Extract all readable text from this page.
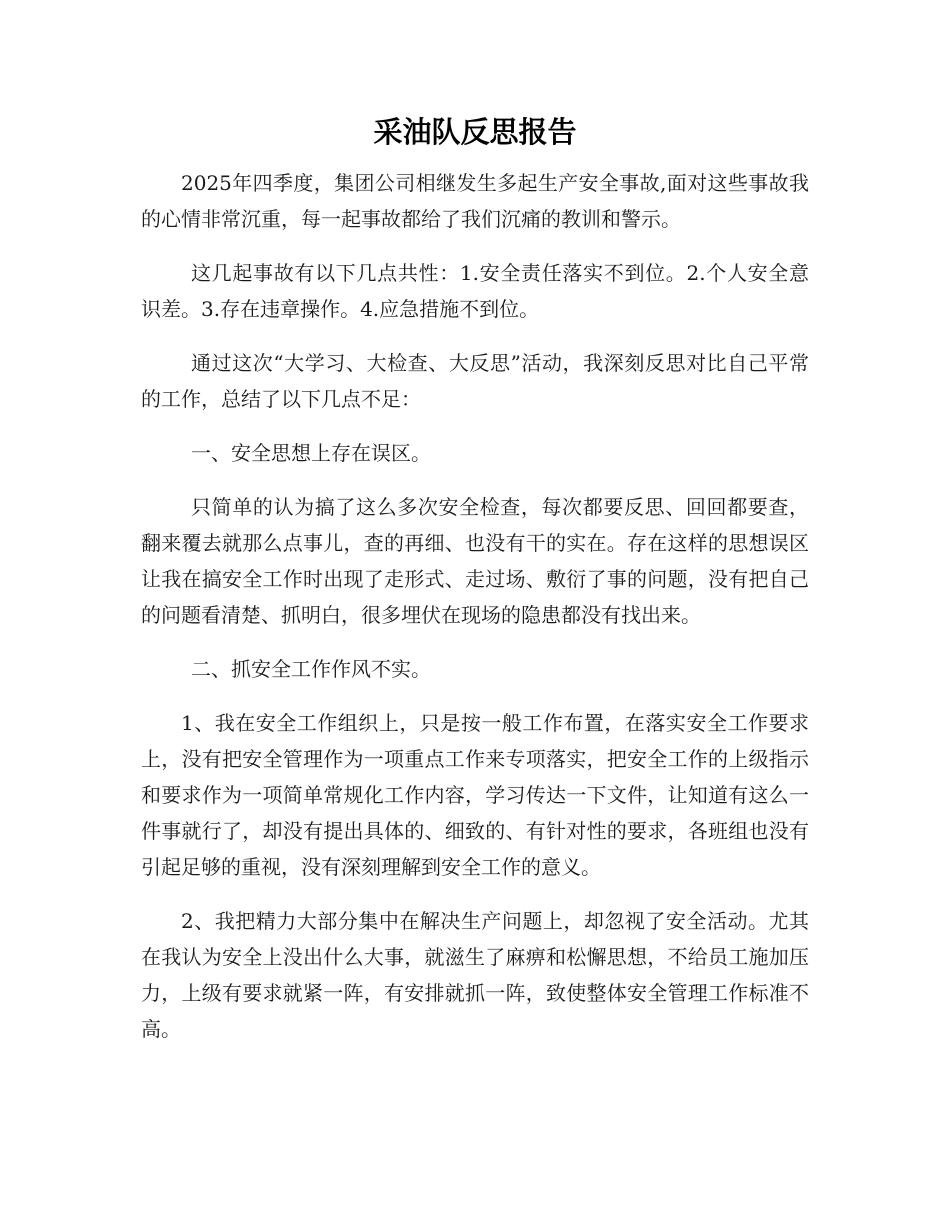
采油队反思报告

2025年四季度，集团公司相继发生多起生产安全事故,面对这些事故我的心情非常沉重，每一起事故都给了我们沉痛的教训和警示。

这几起事故有以下几点共性：1.安全责任落实不到位。2.个人安全意识差。3.存在违章操作。4.应急措施不到位。

通过这次“大学习、大检查、大反思”活动，我深刻反思对比自己平常的工作，总结了以下几点不足：

一、安全思想上存在误区。

只简单的认为搞了这么多次安全检查，每次都要反思、回回都要查，翻来覆去就那么点事儿，查的再细、也没有干的实在。存在这样的思想误区让我在搞安全工作时出现了走形式、走过场、敷衍了事的问题，没有把自己的问题看清楚、抓明白，很多埋伏在现场的隐患都没有找出来。

二、抓安全工作作风不实。

1、我在安全工作组织上，只是按一般工作布置，在落实安全工作要求上，没有把安全管理作为一项重点工作来专项落实，把安全工作的上级指示和要求作为一项简单常规化工作内容，学习传达一下文件，让知道有这么一件事就行了，却没有提出具体的、细致的、有针对性的要求，各班组也没有引起足够的重视，没有深刻理解到安全工作的意义。

2、我把精力大部分集中在解决生产问题上，却忽视了安全活动。尤其在我认为安全上没出什么大事，就滋生了麻痹和松懈思想，不给员工施加压力，上级有要求就紧一阵，有安排就抓一阵，致使整体安全管理工作标准不高。
